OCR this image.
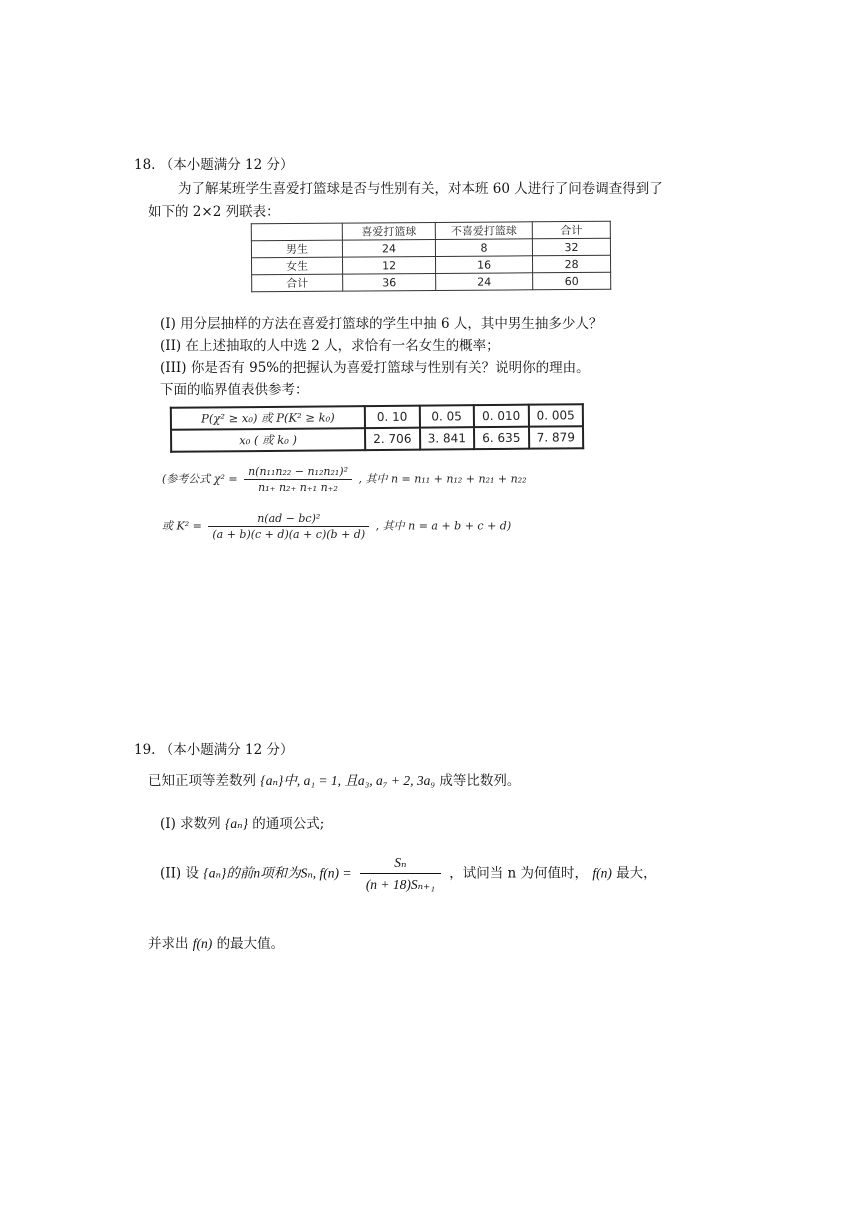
18. （本小题满分 12 分）
为了解某班学生喜爱打篮球是否与性别有关，对本班 60 人进行了问卷调查得到了
如下的 2×2 列联表：
	喜爱打篮球	不喜爱打篮球	合计
男生	24	8	32
女生	12	16	28
合计	36	24	60
(I) 用分层抽样的方法在喜爱打篮球的学生中抽 6 人，其中男生抽多少人？
(II) 在上述抽取的人中选 2 人，求恰有一名女生的概率；
(III) 你是否有 95%的把握认为喜爱打篮球与性别有关？说明你的理由。
下面的临界值表供参考：
P(χ² ≥ x₀) 或 P(K² ≥ k₀)	0. 10	0. 05	0. 010	0. 005
x₀ ( 或 k₀ )	2. 706	3. 841	6. 635	7. 879
(参考公式 $\chi^2 = \frac{\text{n(n₁₁n₂₂ − n₁₂n₂₁)²}}{\text{n₁₊ n₂₊ n₊₁ n₊₂}}$ , 其中 n = n₁₁ + n₁₂ + n₂₁ + n₂₂
或 $K^2 = \frac{\text{n(ad − bc)²}}{(a + b)(c + d)(a + c)(b + d)}$ , 其中 n = a + b + c + d)
19. （本小题满分 12 分）
已知正项等差数列 {aₙ}中, a₁ = 1, 且a₃, a₇ + 2, 3a₉ 成等比数列。
(I) 求数列 {aₙ} 的通项公式;
(II) 设 {aₙ}的前n项和为Sₙ, $f(n) = \frac{\text{Sₙ}}{\text{(n + 18)Sₙ₊₁}}$ ，试问当 n 为何值时， f(n) 最大，
并求出 f(n) 的最大值。
